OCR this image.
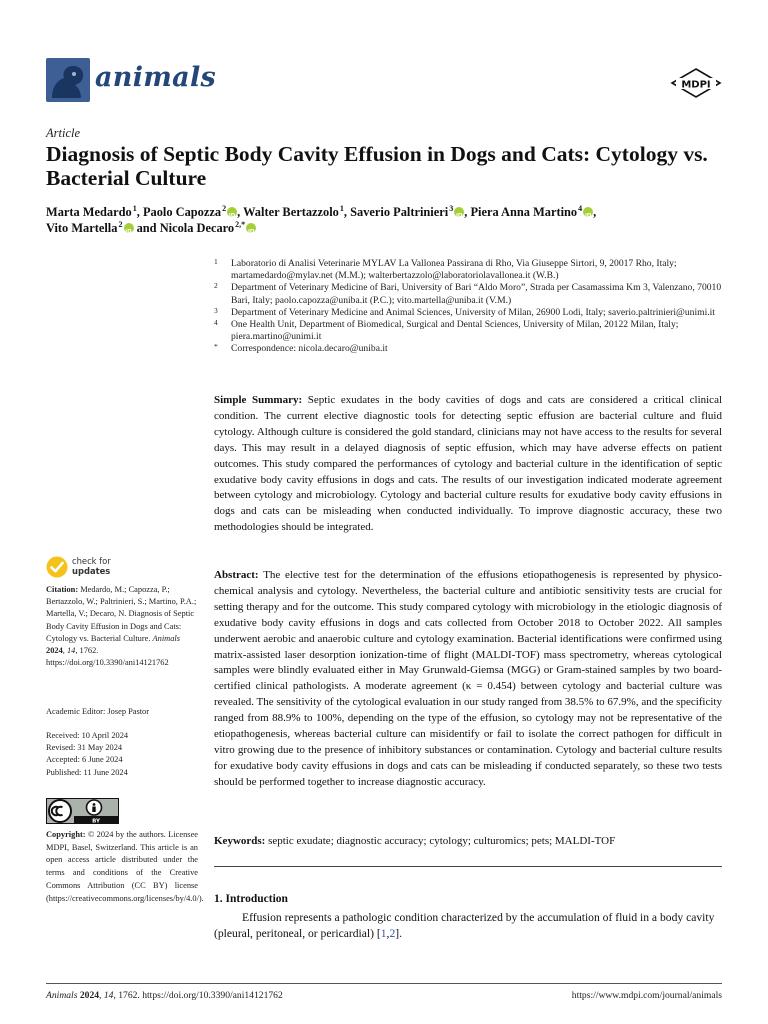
animals	MDPI
Article
Diagnosis of Septic Body Cavity Effusion in Dogs and Cats: Cytology vs. Bacterial Culture
Marta Medardo $^1$, Paolo Capozza $^2$ iD , Walter Bertazzolo $^1$, Saverio Paltrinieri $^3$ iD , Piera Anna Martino $^4$ iD ,
Vito Martella $^2$iD and Nicola Decaro $^{2,*}$iD
1 Laboratorio di Analisi Veterinarie MYLAV La Vallonea Passirana di Rho, Via Giuseppe Sirtori, 9, 20017 Rho, Italy; martamedardo@mylav.net (M.M.); walterbertazzolo@laboratoriolavallonea.it (W.B.)
2 Department of Veterinary Medicine of Bari, University of Bari “Aldo Moro”, Strada per Casamassima Km 3, Valenzano, 70010 Bari, Italy; paolo.capozza@uniba.it (P.C.); vito.martella@uniba.it (V.M.)
3 Department of Veterinary Medicine and Animal Sciences, University of Milan, 26900 Lodi, Italy; saverio.paltrinieri@unimi.it
4 One Health Unit, Department of Biomedical, Surgical and Dental Sciences, University of Milan, 20122 Milan, Italy; piera.martino@unimi.it
* Correspondence: nicola.decaro@uniba.it
Simple Summary: Septic exudates in the body cavities of dogs and cats are considered a critical clinical condition. The current elective diagnostic tools for detecting septic effusion are bacterial culture and fluid cytology. Although culture is considered the gold standard, clinicians may not have access to the results for several days. This may result in a delayed diagnosis of septic effusion, which may have adverse effects on patient outcomes. This study compared the performances of cytology and bacterial culture in the identification of septic exudative body cavity effusions in dogs and cats. The results of our investigation indicated moderate agreement between cytology and microbiology. Cytology and bacterial culture results for exudative body cavity effusions in dogs and cats can be misleading when conducted individually. To improve diagnostic accuracy, these two methodologies should be integrated.
Abstract: The elective test for the determination of the effusions etiopathogenesis is represented by physico-chemical analysis and cytology. Nevertheless, the bacterial culture and antibiotic sensitivity tests are crucial for setting therapy and for the outcome. This study compared cytology with microbiology in the etiologic diagnosis of exudative body cavity effusions in dogs and cats collected from October 2018 to October 2022. All samples underwent aerobic and anaerobic culture and cytology examination. Bacterial identifications were confirmed using matrix-assisted laser desorption ionization-time of flight (MALDI-TOF) mass spectrometry, whereas cytological samples were blindly evaluated either in May Grunwald-Giemsa (MGG) or Gram-stained samples by two board-certified clinical pathologists. A moderate agreement (κ = 0.454) between cytology and bacterial culture was revealed. The sensitivity of the cytological evaluation in our study ranged from 38.5% to 67.9%, and the specificity ranged from 88.9% to 100%, depending on the type of the effusion, so cytology may not be representative of the etiopathogenesis, whereas bacterial culture can misidentify or fail to isolate the correct pathogen for difficult in vitro growing due to the presence of inhibitory substances or contamination. Cytology and bacterial culture results for exudative body cavity effusions in dogs and cats can be misleading if conducted separately, so these two tests should be performed together to increase diagnostic accuracy.
Keywords: septic exudate; diagnostic accuracy; cytology; culturomics; pets; MALDI-TOF
1. Introduction
Effusion represents a pathologic condition characterized by the accumulation of fluid in a body cavity (pleural, peritoneal, or pericardial) [1,2].
check for
updates
Citation: Medardo, M.; Capozza, P.; Bertazzolo, W.; Paltrinieri, S.; Martino, P.A.; Martella, V.; Decaro, N. Diagnosis of Septic Body Cavity Effusion in Dogs and Cats: Cytology vs. Bacterial Culture. Animals 2024, 14, 1762. https://doi.org/10.3390/ani14121762
Academic Editor: Josep Pastor
Received: 10 April 2024
Revised: 31 May 2024
Accepted: 6 June 2024
Published: 11 June 2024
BY
Copyright: © 2024 by the authors. Licensee MDPI, Basel, Switzerland. This article is an open access article distributed under the terms and conditions of the Creative Commons Attribution (CC BY) license (https://creativecommons.org/licenses/by/4.0/).
Animals 2024, 14, 1762. https://doi.org/10.3390/ani14121762	https://www.mdpi.com/journal/animals
